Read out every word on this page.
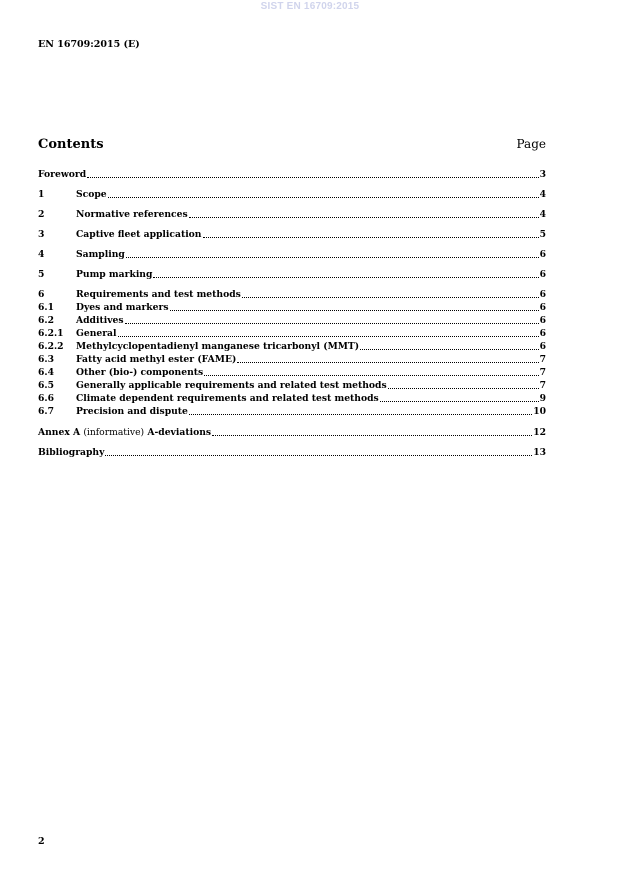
SIST EN 16709:2015
EN 16709:2015 (E)
Contents	Page
Foreword	3
1	Scope	4
2	Normative references	4
3	Captive fleet application	5
4	Sampling	6
5	Pump marking	6
6	Requirements and test methods	6
6.1	Dyes and markers	6
6.2	Additives	6
6.2.1	General	6
6.2.2	Methylcyclopentadienyl manganese tricarbonyl (MMT)	6
6.3	Fatty acid methyl ester (FAME)	7
6.4	Other (bio-) components	7
6.5	Generally applicable requirements and related test methods	7
6.6	Climate dependent requirements and related test methods	9
6.7	Precision and dispute	10
Annex A (informative) A-deviations	12
Bibliography	13
2
